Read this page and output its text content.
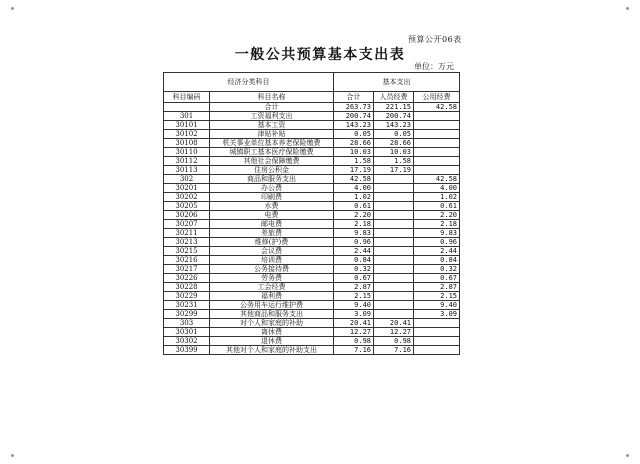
预算公开06表
一般公共预算基本支出表
单位：万元
经济分类科目		基本支出		
科目编码	科目名称	合计	人员经费	公用经费
	合计	263.73	221.15	42.58
301	工资福利支出	200.74	200.74	
30101	基本工资	143.23	143.23	
30102	津贴补贴	0.05	0.05	
30108	机关事业单位基本养老保险缴费	28.66	28.66	
30110	城镇职工基本医疗保险缴费	10.03	10.03	
30112	其他社会保障缴费	1.58	1.58	
30113	住房公积金	17.19	17.19	
302	商品和服务支出	42.58		42.58
30201	办公费	4.00		4.00
30202	印刷费	1.02		1.02
30205	水费	0.61		0.61
30206	电费	2.20		2.20
30207	邮电费	2.18		2.18
30211	差旅费	9.83		9.83
30213	维修(护)费	0.96		0.96
30215	会议费	2.44		2.44
30216	培训费	0.84		0.84
30217	公务接待费	0.32		0.32
30226	劳务费	0.67		0.67
30228	工会经费	2.87		2.87
30229	福利费	2.15		2.15
30231	公务用车运行维护费	9.40		9.40
30299	其他商品和服务支出	3.09		3.09
303	对个人和家庭的补助	20.41	20.41	
30301	离休费	12.27	12.27	
30302	退休费	0.98	0.98	
30399	其他对个人和家庭的补助支出	7.16	7.16	
